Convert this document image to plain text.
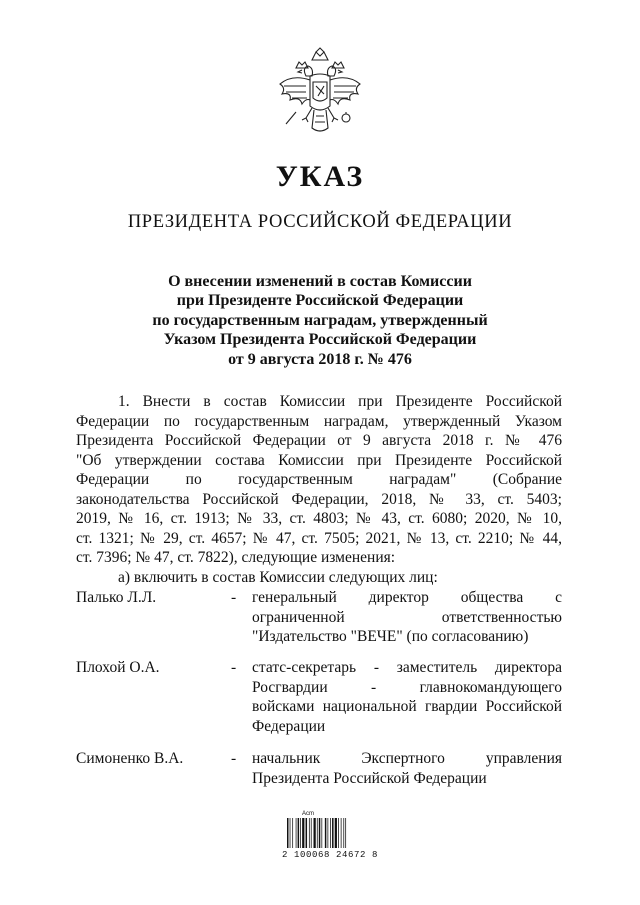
УКАЗ
ПРЕЗИДЕНТА РОССИЙСКОЙ ФЕДЕРАЦИИ
О внесении изменений в состав Комиссии
при Президенте Российской Федерации
по государственным наградам, утвержденный
Указом Президента Российской Федерации
от 9 августа 2018 г. № 476
1. Внести в состав Комиссии при Президенте Российской
Федерации по государственным наградам, утвержденный Указом
Президента Российской Федерации от 9 августа 2018 г. № 476
"Об утверждении состава Комиссии при Президенте Российской
Федерации по государственным наградам" (Собрание
законодательства Российской Федерации, 2018, № 33, ст. 5403;
2019, № 16, ст. 1913; № 33, ст. 4803; № 43, ст. 6080; 2020, № 10,
ст. 1321; № 29, ст. 4657; № 47, ст. 7505; 2021, № 13, ст. 2210; № 44,
ст. 7396; № 47, ст. 7822), следующие изменения:
а) включить в состав Комиссии следующих лиц:
Палько Л.Л.	- генеральный директор общества с
ограниченной ответственностью
"Издательство "ВЕЧЕ" (по согласованию)
Плохой О.А.	- статс-секретарь - заместитель директора
Росгвардии - главнокомандующего
войсками национальной гвардии Российской
Федерации
Симоненко В.А.	- начальник Экспертного управления
Президента Российской Федерации
Acm
2 100068 24672 8
